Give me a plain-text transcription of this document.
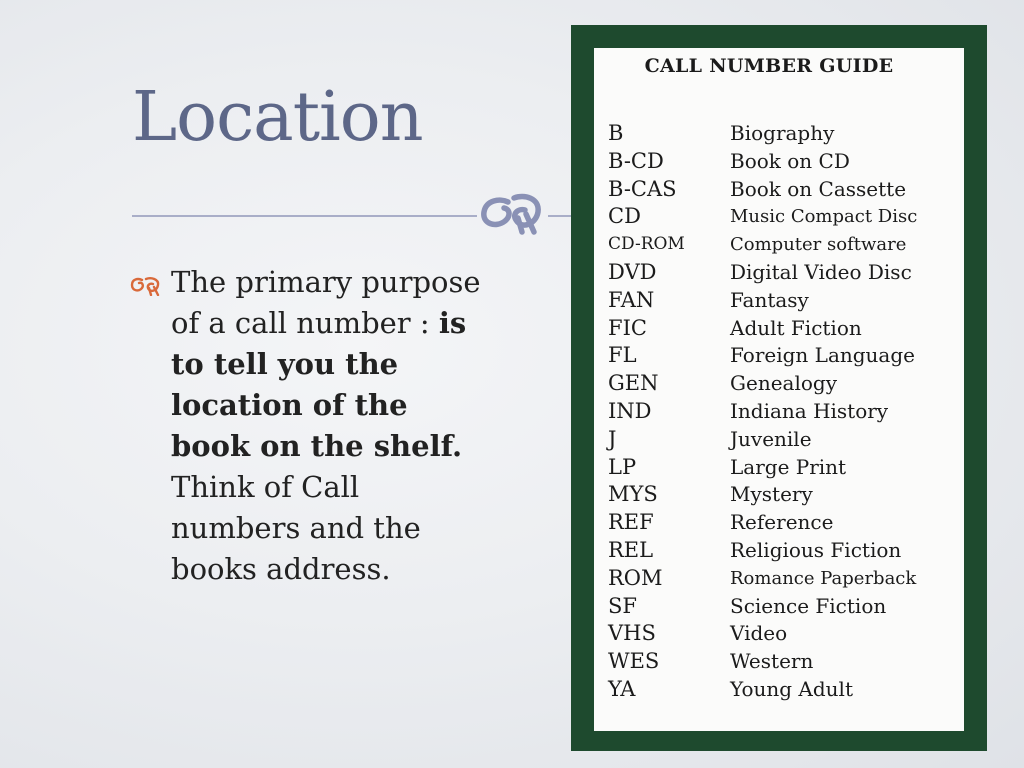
Location
The primary purpose of a call number : is to tell you the location of the book on the shelf. Think of Call numbers and the books address.
CALL NUMBER GUIDE
B	Biography
B-CD	Book on CD
B-CAS	Book on Cassette
CD	Music Compact Disc
CD-ROM	Computer software
DVD	Digital Video Disc
FAN	Fantasy
FIC	Adult Fiction
FL	Foreign Language
GEN	Genealogy
IND	Indiana History
J	Juvenile
LP	Large Print
MYS	Mystery
REF	Reference
REL	Religious Fiction
ROM	Romance Paperback
SF	Science Fiction
VHS	Video
WES	Western
YA	Young Adult
